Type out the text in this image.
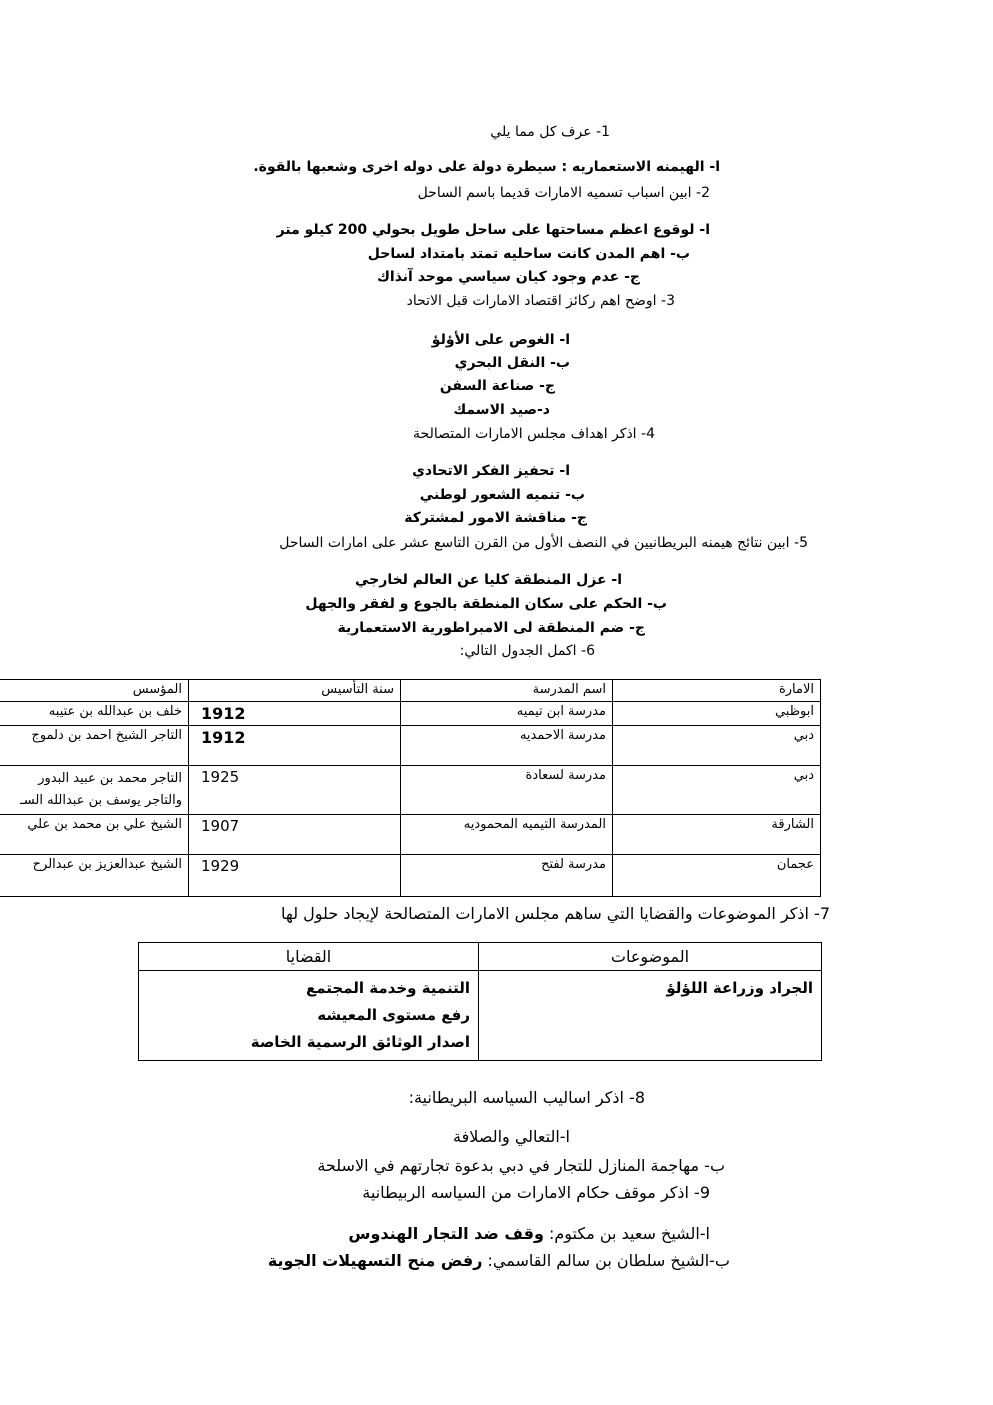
1- عرف كل مما يلي
ا- الهيمنه الاستعماريه : سيطرة دولة على دوله اخرى وشعبها بالقوة.
2- ابين اسباب تسميه الامارات قديما باسم الساحل
ا- لوقوع اعظم مساحتها على ساحل طويل بحولي 200 كيلو متر
ب- اهم المدن كانت ساحليه تمتد بامتداد لساحل
ج- عدم وجود كيان سياسي موحد آنذاك
3- اوضح اهم ركائز اقتصاد الامارات قبل الاتحاد
ا- الغوص على الأؤلؤ
ب- النقل البحري
ج- صناعة السفن
د-صيد الاسمك
4- اذكر اهداف مجلس الامارات المتصالحة
ا- تحفيز الفكر الاتحادي
ب- تنميه الشعور لوطني
ج- مناقشة الامور لمشتركة
5- ابين نتائج هيمنه البريطانيين في النصف الأول من القرن التاسع عشر على امارات الساحل
ا- عزل المنطقة كليا عن العالم لخارجي
ب- الحكم على سكان المنطقة بالجوع و لفقر والجهل
ج- ضم المنطقة لى الامبراطورية الاستعمارية
6- اكمل الجدول التالي:
الامارة	اسم المدرسة	سنة التأسيس	المؤسس
ابوظبي	مدرسة ابن تيميه	1912	خلف بن عبدالله بن عتيبه
دبي	مدرسة الاحمديه	1912	التاجر الشيخ احمد بن دلموج
دبي	مدرسة لسعادة	1925	التاجر محمد بن عبيد البدور
والتاجر يوسف بن عبدالله السـ

الشارقة	المدرسة التيميه المحموديه	1907	الشيخ علي بن محمد بن علي
عجمان	مدرسة لفتح	1929	الشيخ عبدالعزيز بن عبدالرح
7- اذكر الموضوعات والقضايا التي ساهم مجلس الامارات المتصالحة لإيجاد حلول لها
الموضوعات	القضايا
الجراد وزراعة اللؤلؤ	التنمية وخدمة المجتمع
رفع مستوى المعيشه
اصدار الوثائق الرسمية الخاصة
8- اذكر اساليب السياسه البريطانية:
ا-التعالي والصلافة
ب- مهاجمة المنازل للتجار في دبي بدعوة تجارتهم في الاسلحة
9- اذكر موقف حكام الامارات من السياسه الربيطانية
ا-الشيخ سعيد بن مكتوم: وقف ضد التجار الهندوس
ب-الشيخ سلطان بن سالم القاسمي: رفض منح التسهيلات الجوية
